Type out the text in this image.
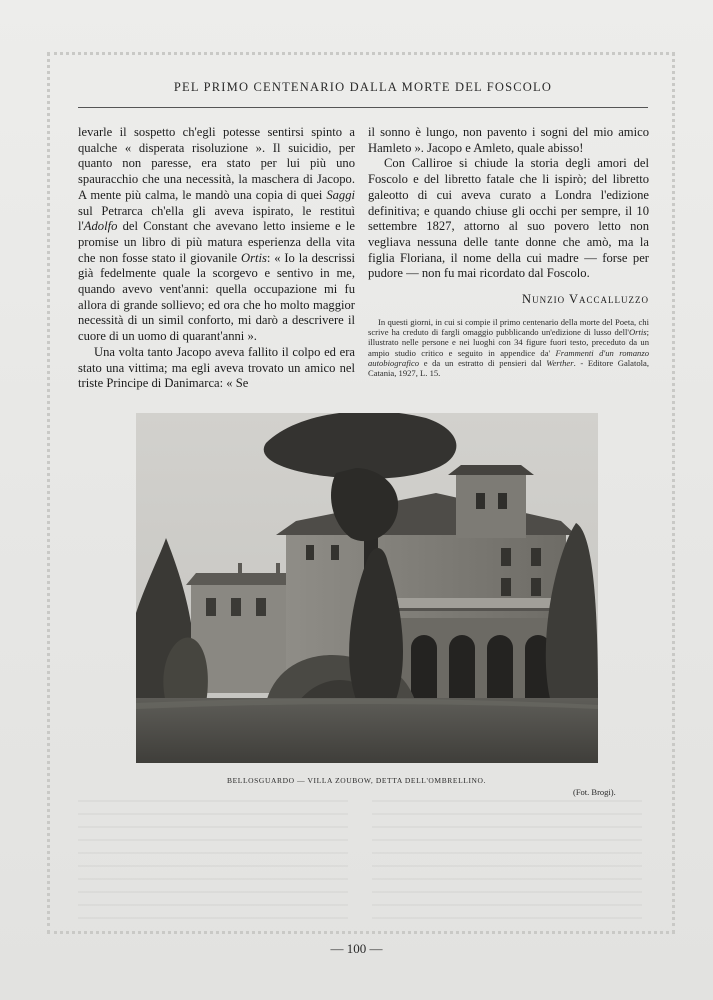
PEL PRIMO CENTENARIO DALLA MORTE DEL FOSCOLO

levarle il sospetto ch'egli potesse sentirsi spinto a qualche « disperata risoluzione ». Il suicidio, per quanto non paresse, era stato per lui più uno spauracchio che una necessità, la maschera di Jacopo. A mente più calma, le mandò una copia di quei Saggi sul Petrarca ch'ella gli aveva ispirato, le restituì l'Adolfo del Constant che avevano letto insieme e le promise un libro di più matura esperienza della vita che non fosse stato il giovanile Ortis: « Io la descrissi già fedelmente quale la scorgevo e sentivo in me, quando avevo vent'anni: quella occupazione mi fu allora di grande sollievo; ed ora che ho molto maggior necessità di un simil conforto, mi darò a descrivere il cuore di un uomo di quarant'anni ».

Una volta tanto Jacopo aveva fallito il colpo ed era stato una vittima; ma egli aveva trovato un amico nel triste Principe di Danimarca: « Se

il sonno è lungo, non pavento i sogni del mio amico Hamleto ». Jacopo e Amleto, quale abisso!

Con Calliroe si chiude la storia degli amori del Foscolo e del libretto fatale che li ispirò; del libretto galeotto di cui aveva curato a Londra l'edizione definitiva; e quando chiuse gli occhi per sempre, il 10 settembre 1827, attorno al suo povero letto non vegliava nessuna delle tante donne che amò, ma la figlia Floriana, il nome della cui madre — forse per pudore — non fu mai ricordato dal Foscolo.

Nunzio Vaccalluzzo

In questi giorni, in cui si compie il primo centenario della morte del Poeta, chi scrive ha creduto di fargli omaggio pubblicando un'edizione di lusso dell'Ortis; illustrato nelle persone e nei luoghi con 34 figure fuori testo, preceduto da un ampio studio critico e seguito in appendice da' Frammenti d'un romanzo autobiografico e da un estratto di pensieri dal Werther. - Editore Galatola, Catania, 1927, L. 15.

BELLOSGUARDO — VILLA ZOUBOW, DETTA DELL'OMBRELLINO.
(Fot. Brogi).
— 100 —
